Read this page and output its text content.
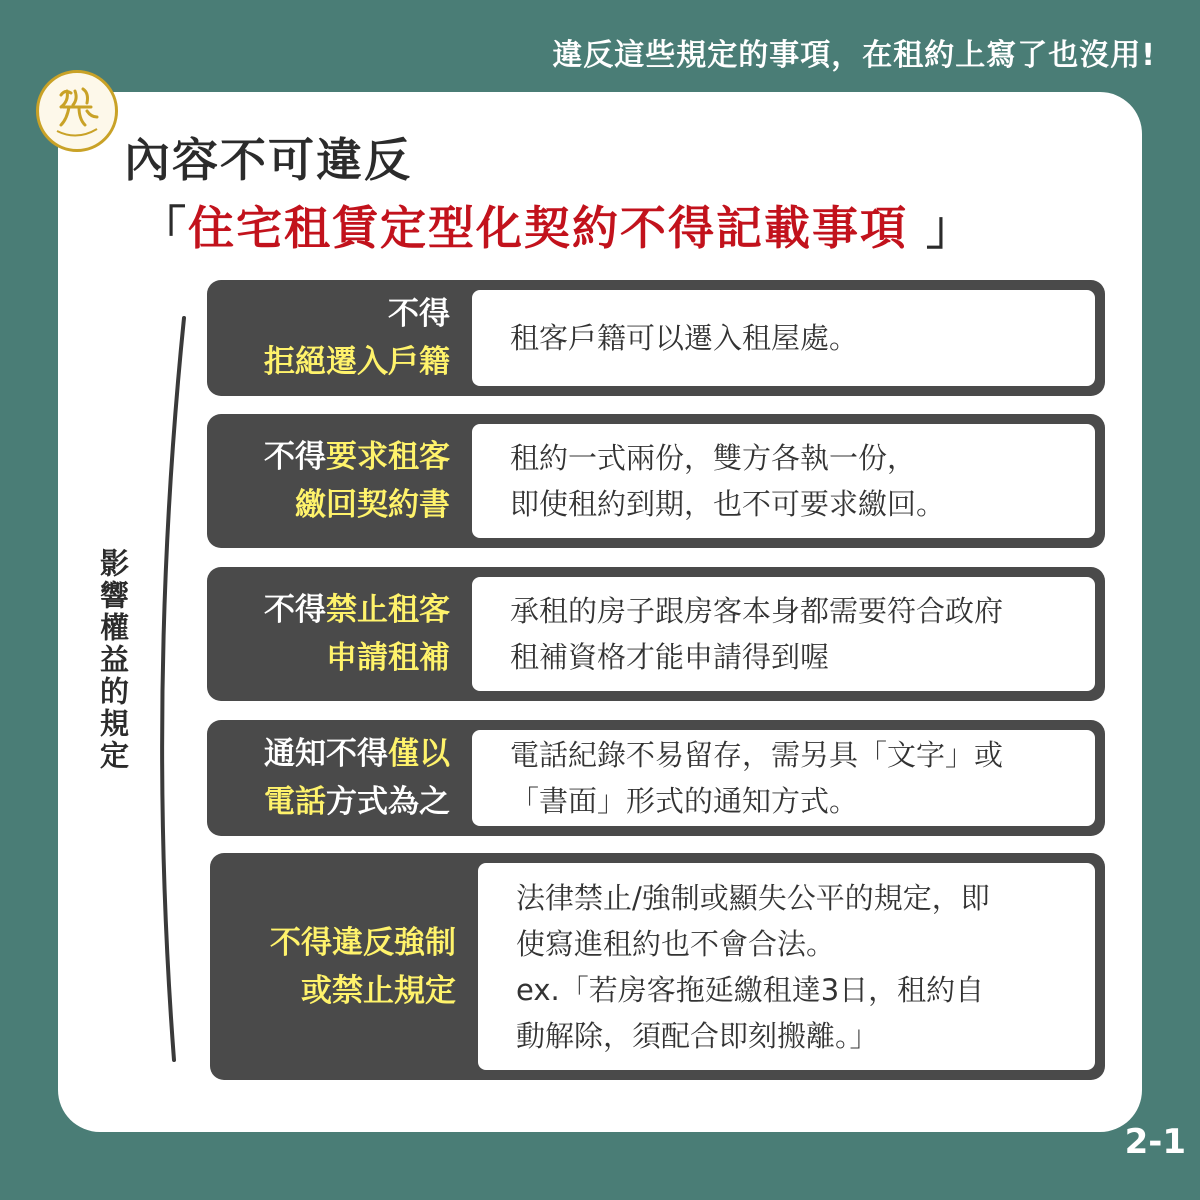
違反這些規定的事項，在租約上寫了也沒用!
內容不可違反
「住宅租賃定型化契約不得記載事項 」
影響權益的規定
不得
拒絕遷入戶籍

租客戶籍可以遷入租屋處。

不得要求租客
繳回契約書

租約一式兩份，雙方各執一份，

即使租約到期，也不可要求繳回。

不得禁止租客
申請租補

承租的房子跟房客本身都需要符合政府

租補資格才能申請得到喔

通知不得僅以
電話方式為之

電話紀錄不易留存，需另具「文字」或

「書面」形式的通知方式。

不得違反強制
或禁止規定

法律禁止/強制或顯失公平的規定，即

使寫進租約也不會合法。

ex.「若房客拖延繳租達3日，租約自

動解除，須配合即刻搬離。」

2-1
